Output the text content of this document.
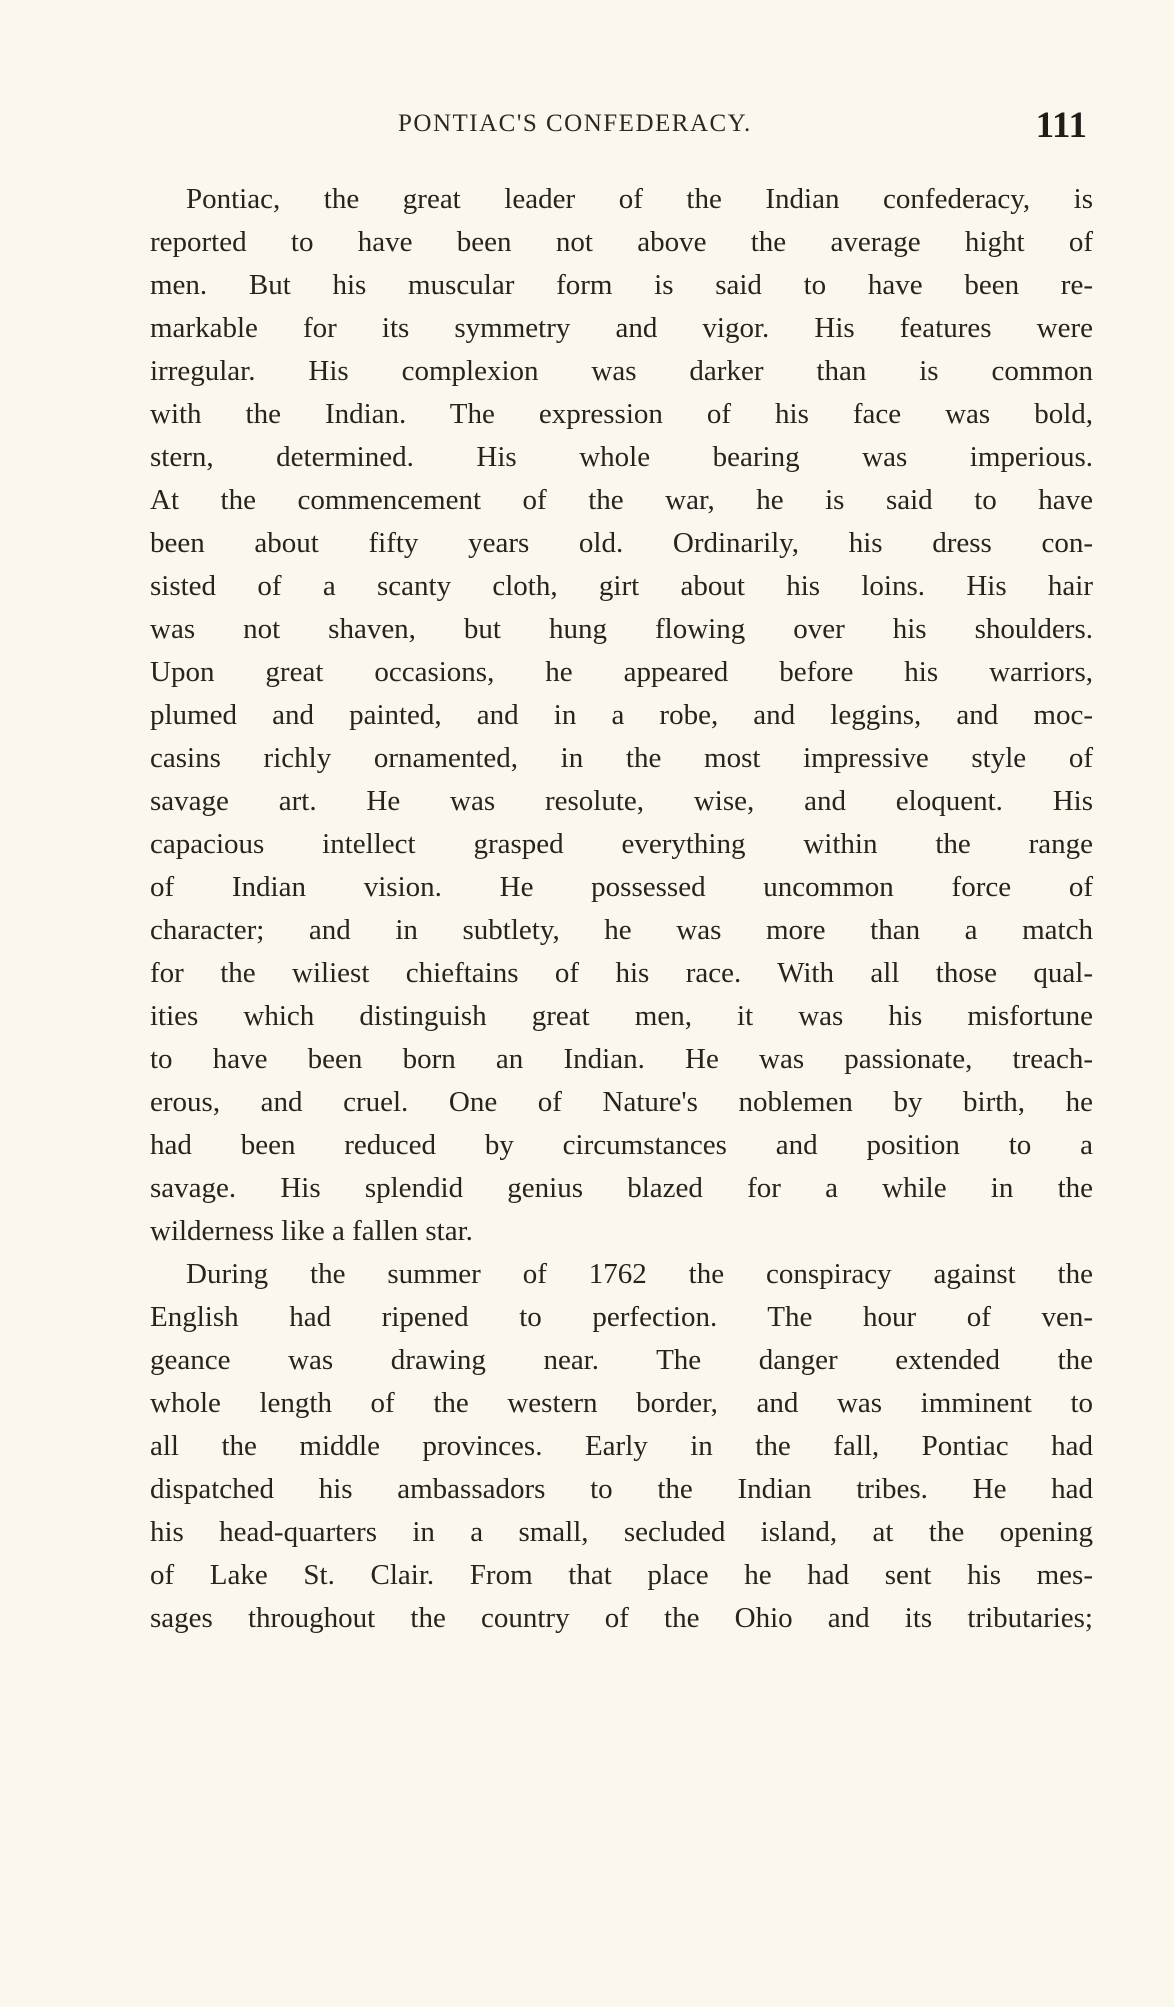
PONTIAC'S CONFEDERACY.	111
Pontiac, the great leader of the Indian confederacy, is
reported to have been not above the average hight of
men. But his muscular form is said to have been re-
markable for its symmetry and vigor. His features were
irregular. His complexion was darker than is common
with the Indian. The expression of his face was bold,
stern, determined. His whole bearing was imperious.
At the commencement of the war, he is said to have
been about fifty years old. Ordinarily, his dress con-
sisted of a scanty cloth, girt about his loins. His hair
was not shaven, but hung flowing over his shoulders.
Upon great occasions, he appeared before his warriors,
plumed and painted, and in a robe, and leggins, and moc-
casins richly ornamented, in the most impressive style of
savage art. He was resolute, wise, and eloquent. His
capacious intellect grasped everything within the range
of Indian vision. He possessed uncommon force of
character; and in subtlety, he was more than a match
for the wiliest chieftains of his race. With all those qual-
ities which distinguish great men, it was his misfortune
to have been born an Indian. He was passionate, treach-
erous, and cruel. One of Nature's noblemen by birth, he
had been reduced by circumstances and position to a
savage. His splendid genius blazed for a while in the
wilderness like a fallen star.
During the summer of 1762 the conspiracy against the
English had ripened to perfection. The hour of ven-
geance was drawing near. The danger extended the
whole length of the western border, and was imminent to
all the middle provinces. Early in the fall, Pontiac had
dispatched his ambassadors to the Indian tribes. He had
his head-quarters in a small, secluded island, at the opening
of Lake St. Clair. From that place he had sent his mes-
sages throughout the country of the Ohio and its tributaries;
